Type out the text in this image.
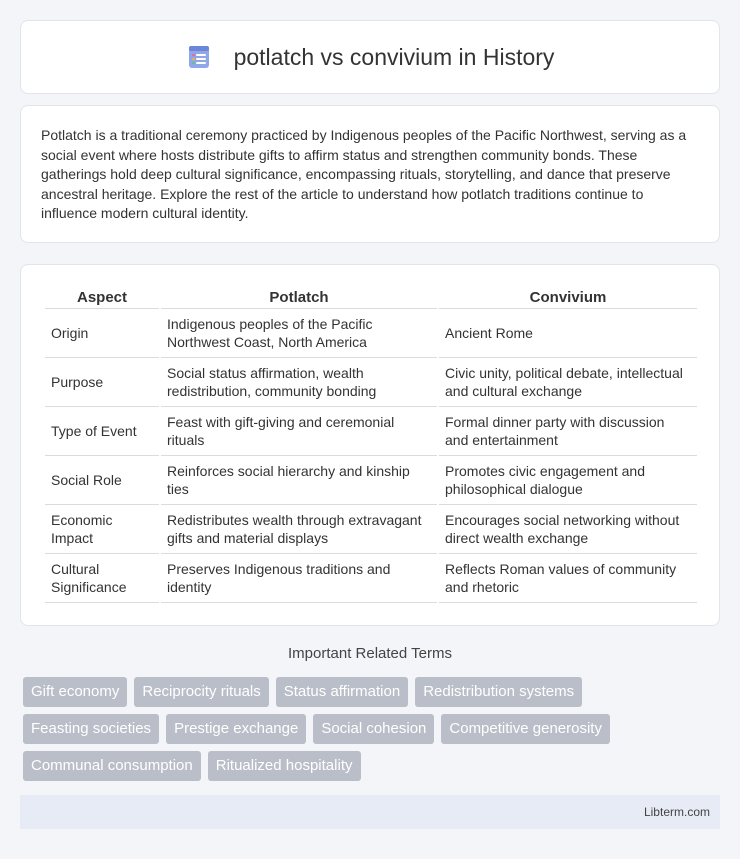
potlatch vs convivium in History

Potlatch is a traditional ceremony practiced by Indigenous peoples of the Pacific Northwest, serving as a social event where hosts distribute gifts to affirm status and strengthen community bonds. These gatherings hold deep cultural significance, encompassing rituals, storytelling, and dance that preserve ancestral heritage. Explore the rest of the article to understand how potlatch traditions continue to influence modern cultural identity.

Aspect	Potlatch	Convivium
Origin	Indigenous peoples of the Pacific Northwest Coast, North America	Ancient Rome
Purpose	Social status affirmation, wealth redistribution, community bonding	Civic unity, political debate, intellectual and cultural exchange
Type of Event	Feast with gift-giving and ceremonial rituals	Formal dinner party with discussion and entertainment
Social Role	Reinforces social hierarchy and kinship ties	Promotes civic engagement and philosophical dialogue
Economic Impact	Redistributes wealth through extravagant gifts and material displays	Encourages social networking without direct wealth exchange
Cultural Significance	Preserves Indigenous traditions and identity	Reflects Roman values of community and rhetoric
Important Related Terms
Gift economy	Reciprocity rituals	Status affirmation	Redistribution systems
Feasting societies	Prestige exchange	Social cohesion	Competitive generosity
Communal consumption	Ritualized hospitality
Libterm.com
